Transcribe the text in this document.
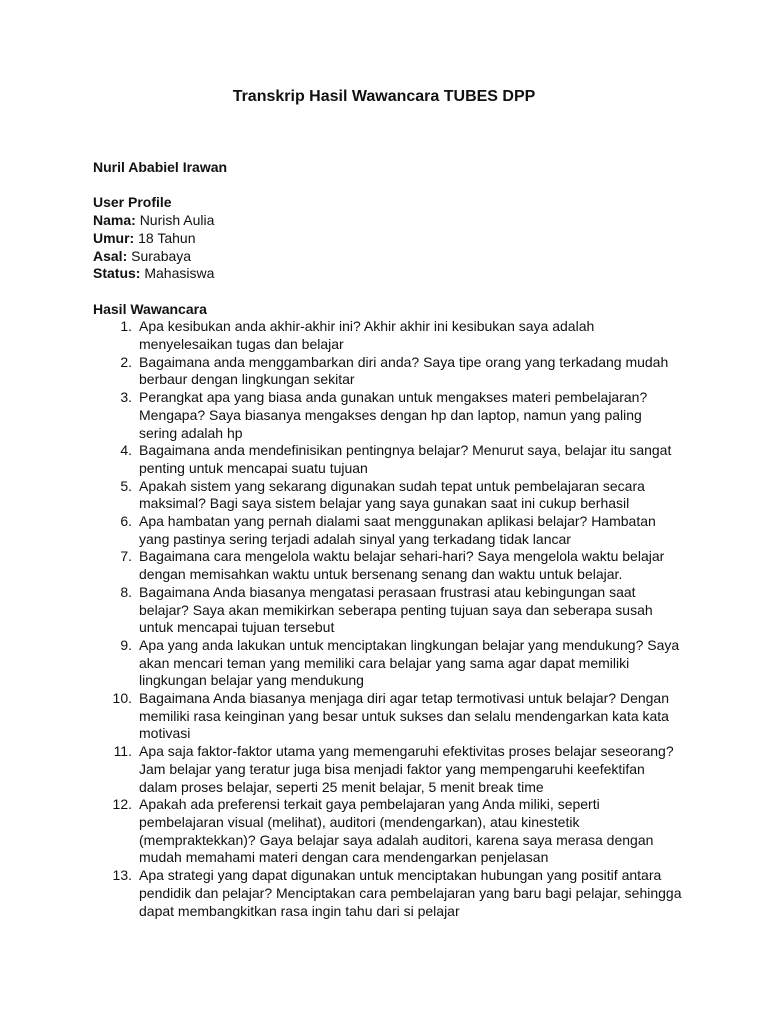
Transkrip Hasil Wawancara TUBES DPP

Nuril Ababiel Irawan

User Profile

Nama: Nurish Aulia

Umur: 18 Tahun

Asal: Surabaya

Status: Mahasiswa

Hasil Wawancara

1. Apa kesibukan anda akhir-akhir ini? Akhir akhir ini kesibukan saya adalah menyelesaikan tugas dan belajar
2. Bagaimana anda menggambarkan diri anda? Saya tipe orang yang terkadang mudah berbaur dengan lingkungan sekitar
3. Perangkat apa yang biasa anda gunakan untuk mengakses materi pembelajaran? Mengapa? Saya biasanya mengakses dengan hp dan laptop, namun yang paling sering adalah hp
4. Bagaimana anda mendefinisikan pentingnya belajar? Menurut saya, belajar itu sangat penting untuk mencapai suatu tujuan
5. Apakah sistem yang sekarang digunakan sudah tepat untuk pembelajaran secara maksimal? Bagi saya sistem belajar yang saya gunakan saat ini cukup berhasil
6. Apa hambatan yang pernah dialami saat menggunakan aplikasi belajar? Hambatan yang pastinya sering terjadi adalah sinyal yang terkadang tidak lancar
7. Bagaimana cara mengelola waktu belajar sehari-hari? Saya mengelola waktu belajar dengan memisahkan waktu untuk bersenang senang dan waktu untuk belajar.
8. Bagaimana Anda biasanya mengatasi perasaan frustrasi atau kebingungan saat belajar? Saya akan memikirkan seberapa penting tujuan saya dan seberapa susah untuk mencapai tujuan tersebut
9. Apa yang anda lakukan untuk menciptakan lingkungan belajar yang mendukung? Saya akan mencari teman yang memiliki cara belajar yang sama agar dapat memiliki lingkungan belajar yang mendukung
10. Bagaimana Anda biasanya menjaga diri agar tetap termotivasi untuk belajar? Dengan memiliki rasa keinginan yang besar untuk sukses dan selalu mendengarkan kata kata motivasi
11. Apa saja faktor-faktor utama yang memengaruhi efektivitas proses belajar seseorang? Jam belajar yang teratur juga bisa menjadi faktor yang mempengaruhi keefektifan dalam proses belajar, seperti 25 menit belajar, 5 menit break time
12. Apakah ada preferensi terkait gaya pembelajaran yang Anda miliki, seperti pembelajaran visual (melihat), auditori (mendengarkan), atau kinestetik (mempraktekkan)? Gaya belajar saya adalah auditori, karena saya merasa dengan mudah memahami materi dengan cara mendengarkan penjelasan
13. Apa strategi yang dapat digunakan untuk menciptakan hubungan yang positif antara pendidik dan pelajar? Menciptakan cara pembelajaran yang baru bagi pelajar, sehingga dapat membangkitkan rasa ingin tahu dari si pelajar
